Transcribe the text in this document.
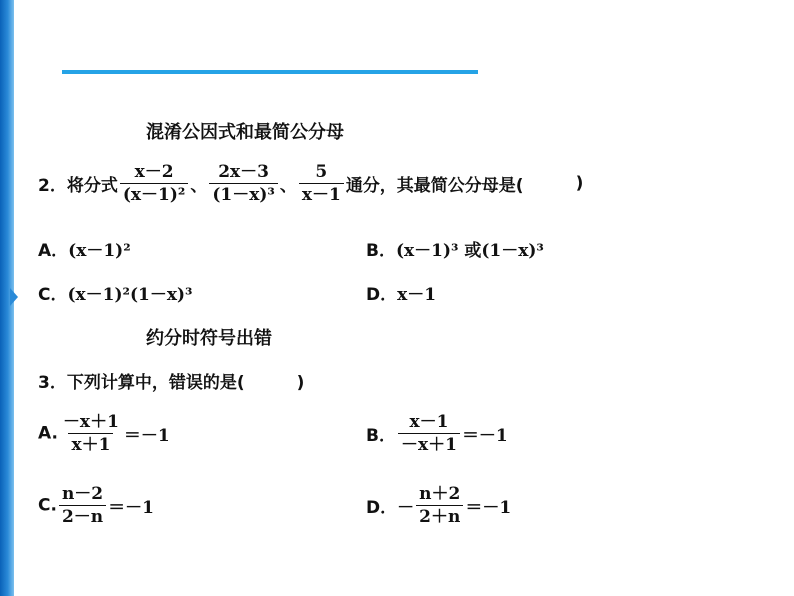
混淆公因式和最简公分母
2．将分式 $\frac{x-2}{\text{(x－1)²}}$ 、 $\frac{2x-3}{\text{(1－x)³}}$ 、 $\frac{5}{x-1}$ 通分，其最简公分母是(	)
A．(x－1)²	B．(x－1)³ 或(1－x)³
C．(x－1)²(1－x)³	D．x－1
约分时符号出错
3．下列计算中，错误的是(	)
A. $\frac{-x+1}{x+1} =-1$	B． $\frac{x-1}{-x+1} =-1$
C. $\frac{n-2}{2-n} =-1$	D．－ $\frac{n+2}{2+n} =-1$
